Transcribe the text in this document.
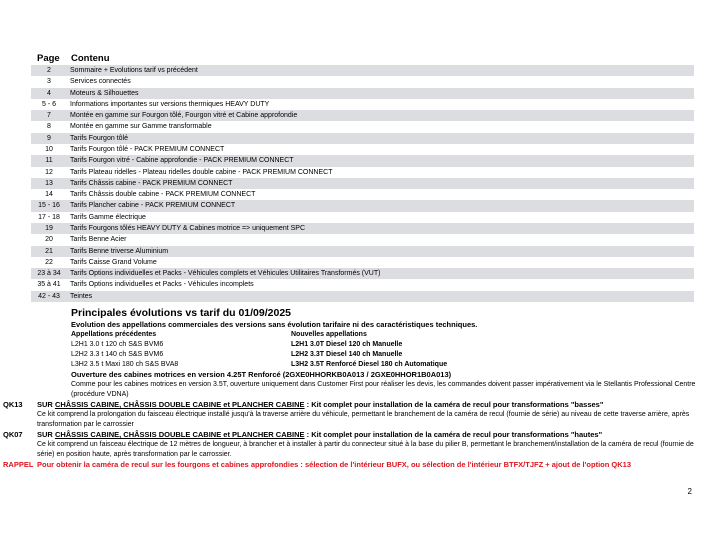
Page Contenu
2	Sommaire + Evolutions tarif vs précédent
3	Services connectés
4	Moteurs & Silhouettes
5 - 6	Informations importantes sur versions thermiques HEAVY DUTY
7	Montée en gamme sur Fourgon tôlé, Fourgon vitré et Cabine approfondie
8	Montée en gamme sur Gamme transformable
9	Tarifs Fourgon tôlé
10	Tarifs Fourgon tôlé - PACK PREMIUM CONNECT
11	Tarifs Fourgon vitré - Cabine approfondie - PACK PREMIUM CONNECT
12	Tarifs Plateau ridelles - Plateau ridelles double cabine - PACK PREMIUM CONNECT
13	Tarifs Châssis cabine - PACK PREMIUM CONNECT
14	Tarifs Châssis double cabine - PACK PREMIUM CONNECT
15 - 16	Tarifs Plancher cabine - PACK PREMIUM CONNECT
17 - 18	Tarifs Gamme électrique
19	Tarifs Fourgons tôlés HEAVY DUTY & Cabines motrice => uniquement SPC
20	Tarifs Benne Acier
21	Tarifs Benne triverse Aluminium
22	Tarifs Caisse Grand Volume
23 à 34	Tarifs Options individuelles et Packs - Véhicules complets et Véhicules Utilitaires Transformés (VUT)
35 à 41	Tarifs Options individuelles et Packs - Véhicules incomplets
42 - 43	Teintes
Principales évolutions vs tarif du 01/09/2025
Evolution des appellations commerciales des versions sans évolution tarifaire ni des caractéristiques techniques.
Appellations précédentes	Nouvelles appellations
L2H1 3.0 t 120 ch S&S BVM6	L2H1 3.0T Diesel 120 ch Manuelle
L2H2 3.3 t 140 ch S&S BVM6	L2H2 3.3T Diesel 140 ch Manuelle
L3H2 3.5 t Maxi 180 ch S&S BVA8	L3H2 3.5T Renforcé Diesel 180 ch Automatique
Ouverture des cabines motrices en version 4.25T Renforcé (2GXE0HHORKB0A013 / 2GXE0HHOR1B0A013)
Comme pour les cabines motrices en version 3.5T, ouverture uniquement dans Customer First pour réaliser les devis, les commandes doivent passer impérativement via le Stellantis Professional Centre (procédure VDNA)
QK13	SUR CHÂSSIS CABINE, CHÂSSIS DOUBLE CABINE et PLANCHER CABINE : Kit complet pour installation de la caméra de recul pour transformations "basses"
Ce kit comprend la prolongation du faisceau électrique installé jusqu'à la traverse arrière du véhicule, permettant le branchement de la caméra de recul (fournie de série) au niveau de cette traverse arrière, après transformation par le carrossier
QK07	SUR CHÂSSIS CABINE, CHÂSSIS DOUBLE CABINE et PLANCHER CABINE : Kit complet pour installation de la caméra de recul pour transformations "hautes"
Ce kit comprend un faisceau électrique de 12 mètres de longueur, à brancher et à installer à partir du connecteur situé à la base du pilier B, permettant le branchement/installation de la caméra de recul (fournie de série) en position haute, après transformation par le carrossier.
RAPPEL Pour obtenir la caméra de recul sur les fourgons et cabines approfondies : sélection de l'intérieur BUFX, ou sélection de l'intérieur BTFX/TJFZ + ajout de l'option QK13
2
